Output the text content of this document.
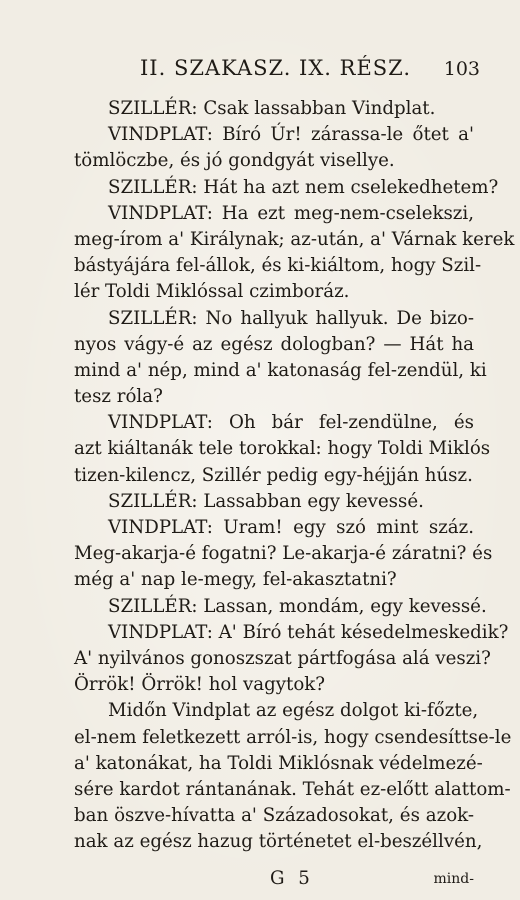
II. SZAKASZ. IX. RÉSZ. 103
SZILLÉR: Csak lassabban Vindplat.
VINDPLAT: Bíró Úr! zárassa-le őtet a'
tömlöczbe, és jó gondgyát visellye.
SZILLÉR: Hát ha azt nem cselekedhetem?
VINDPLAT: Ha ezt meg-nem-cselekszi,
meg-írom a' Királynak; az-után, a' Várnak kerek
bástyájára fel-állok, és ki-kiáltom, hogy Szil-
lér Toldi Miklóssal czimboráz.
SZILLÉR: No hallyuk hallyuk. De bizo-
nyos vágy-é az egész dologban? — Hát ha
mind a' nép, mind a' katonaság fel-zendül, ki
tesz róla?
VINDPLAT: Oh bár fel-zendülne, és
azt kiáltanák tele torokkal: hogy Toldi Miklós
tizen-kilencz, Szillér pedig egy-héjján húsz.
SZILLÉR: Lassabban egy kevessé.
VINDPLAT: Uram! egy szó mint száz.
Meg-akarja-é fogatni? Le-akarja-é záratni? és
még a' nap le-megy, fel-akasztatni?
SZILLÉR: Lassan, mondám, egy kevessé.
VINDPLAT: A' Bíró tehát késedelmeskedik?
A' nyilvános gonoszszat pártfogása alá veszi?
Örrök! Örrök! hol vagytok?
Midőn Vindplat az egész dolgot ki-főzte,
el-nem feletkezett arról-is, hogy csendesíttse-le
a' katonákat, ha Toldi Miklósnak védelmezé-
sére kardot rántanának. Tehát ez-előtt alattom-
ban öszve-hívatta a' Századosokat, és azok-
nak az egész hazug történetet el-beszéllvén,
G 5	mind-
